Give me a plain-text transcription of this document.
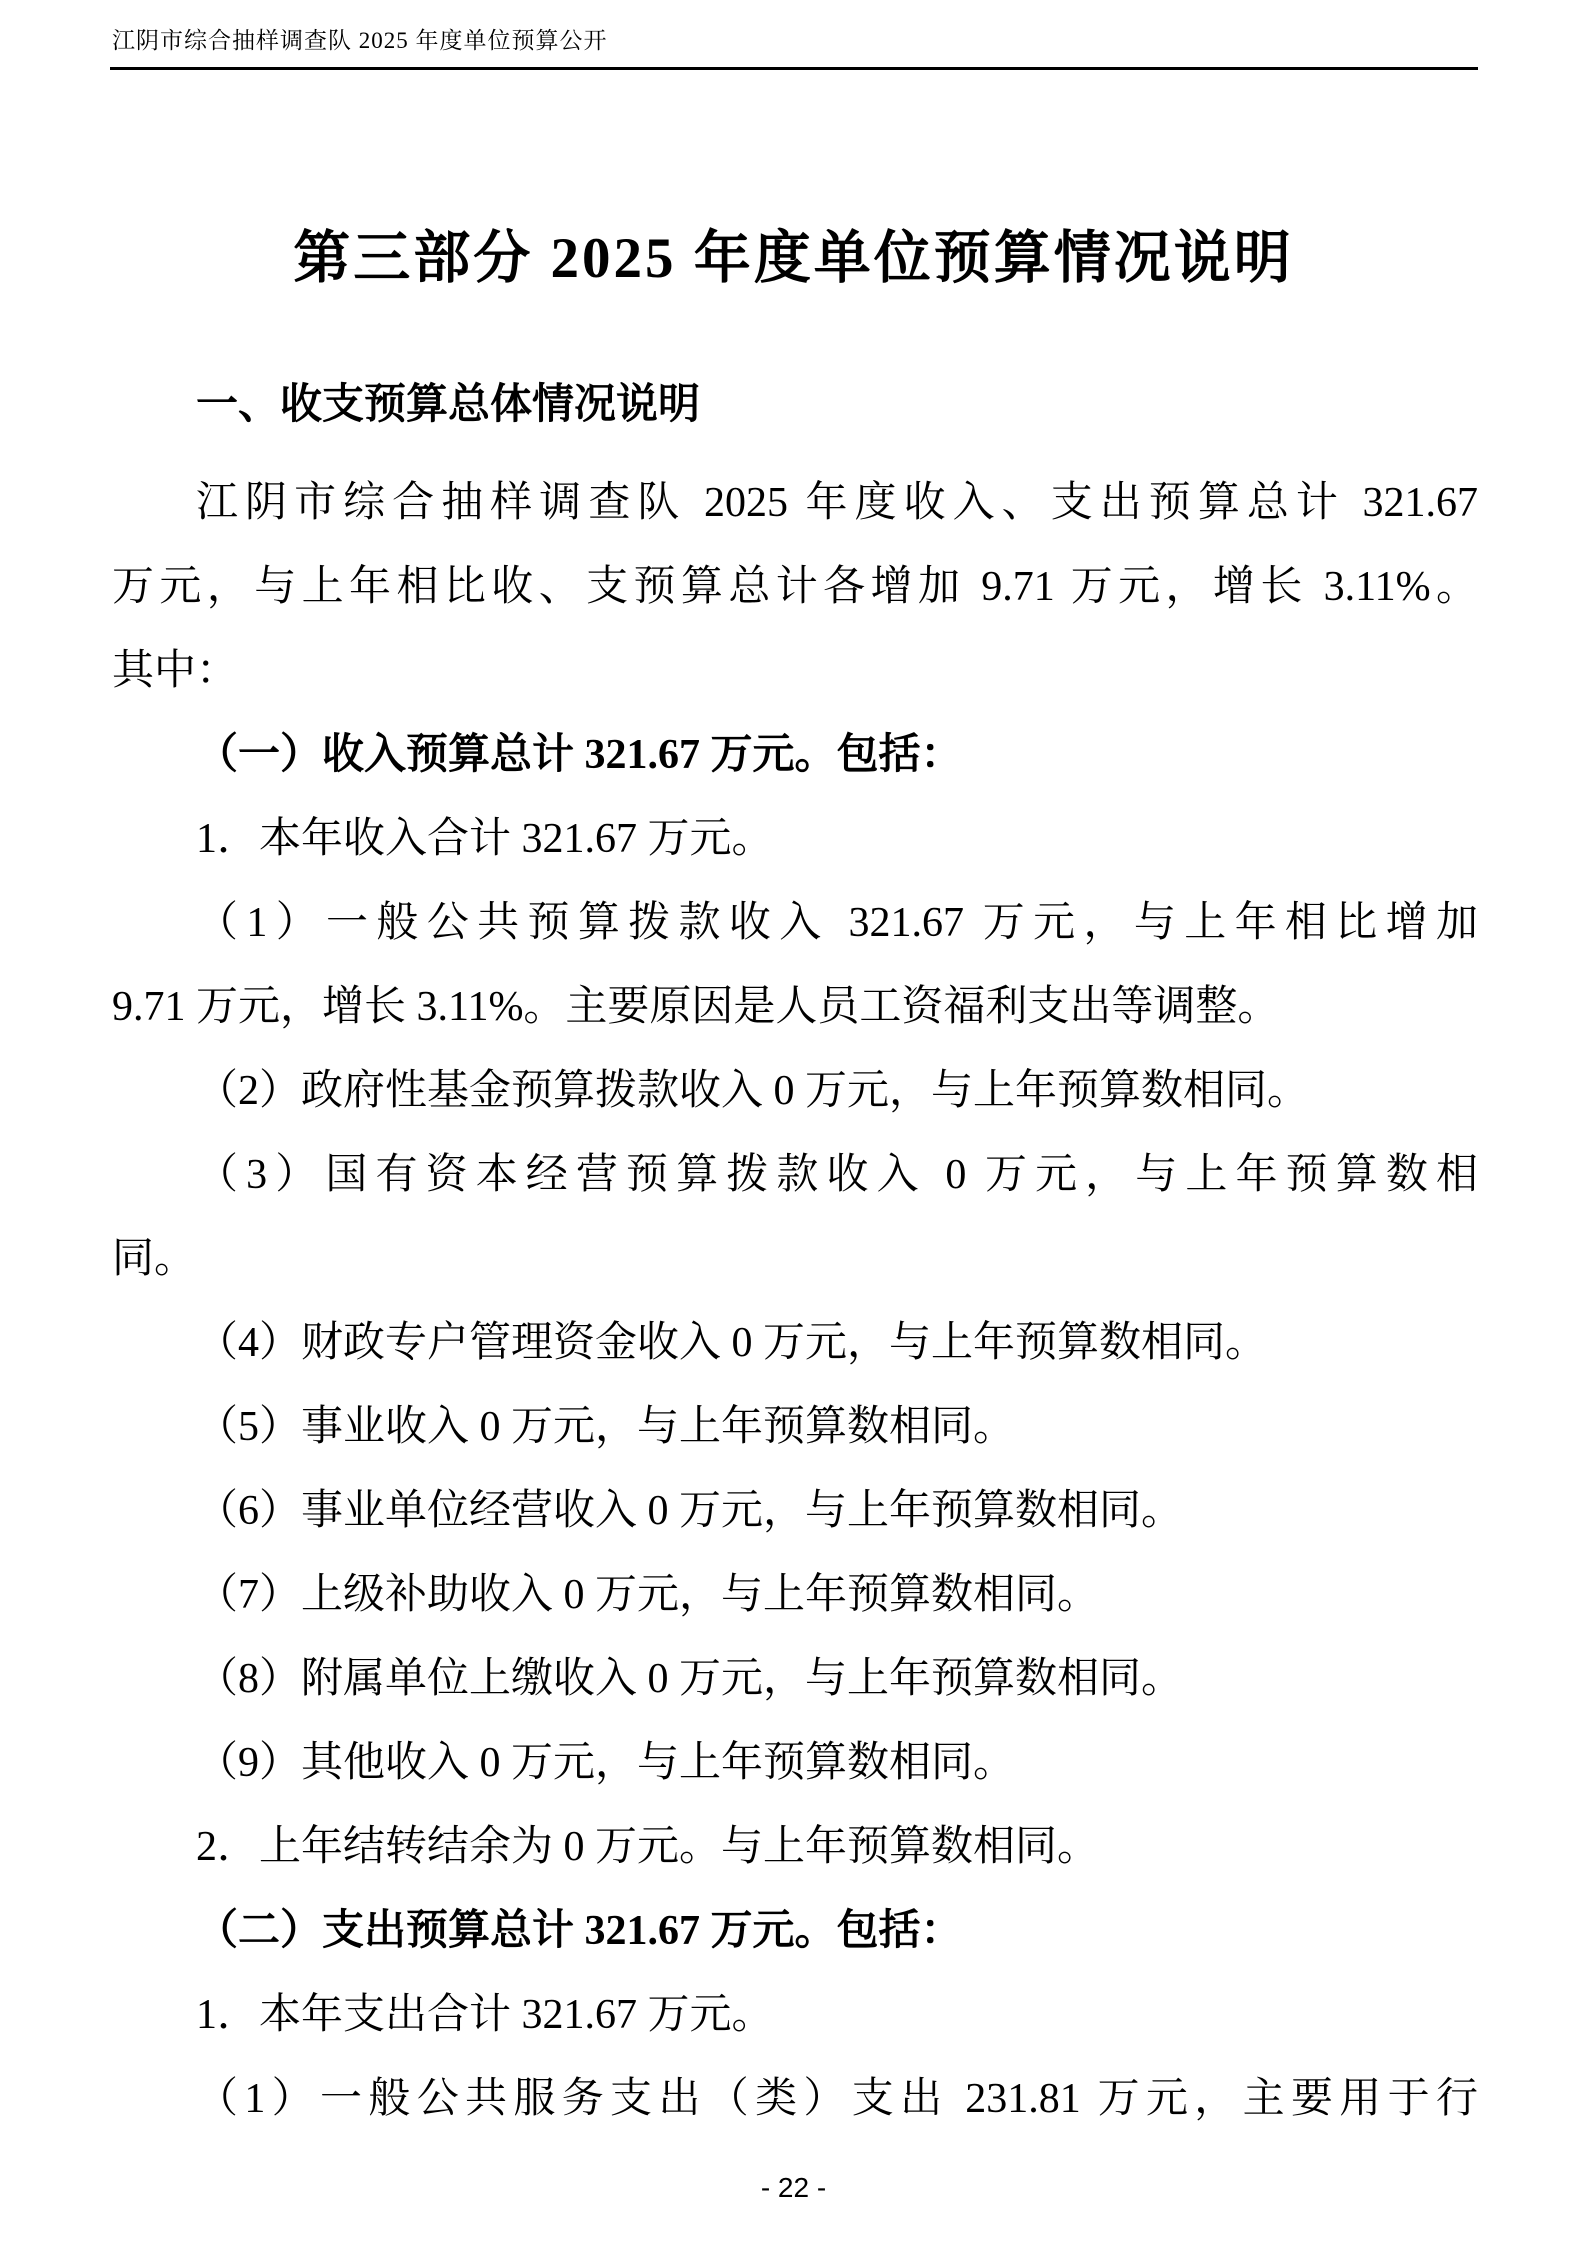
江阴市综合抽样调查队 2025 年度单位预算公开
第三部分 2025 年度单位预算情况说明
一、收支预算总体情况说明
江阴市综合抽样调查队 2025 年度收入、支出预算总计 321.67
万元，与上年相比收、支预算总计各增加 9.71 万元，增长 3.11%。
其中：
（一）收入预算总计 321.67 万元。包括：
1．本年收入合计 321.67 万元。
（1）一般公共预算拨款收入 321.67 万元，与上年相比增加
9.71 万元，增长 3.11%。主要原因是人员工资福利支出等调整。
（2）政府性基金预算拨款收入 0 万元，与上年预算数相同。
（3）国有资本经营预算拨款收入 0 万元，与上年预算数相
同。
（4）财政专户管理资金收入 0 万元，与上年预算数相同。
（5）事业收入 0 万元，与上年预算数相同。
（6）事业单位经营收入 0 万元，与上年预算数相同。
（7）上级补助收入 0 万元，与上年预算数相同。
（8）附属单位上缴收入 0 万元，与上年预算数相同。
（9）其他收入 0 万元，与上年预算数相同。
2．上年结转结余为 0 万元。与上年预算数相同。
（二）支出预算总计 321.67 万元。包括：
1．本年支出合计 321.67 万元。
（1）一般公共服务支出（类）支出 231.81 万元，主要用于行
- 22 -
